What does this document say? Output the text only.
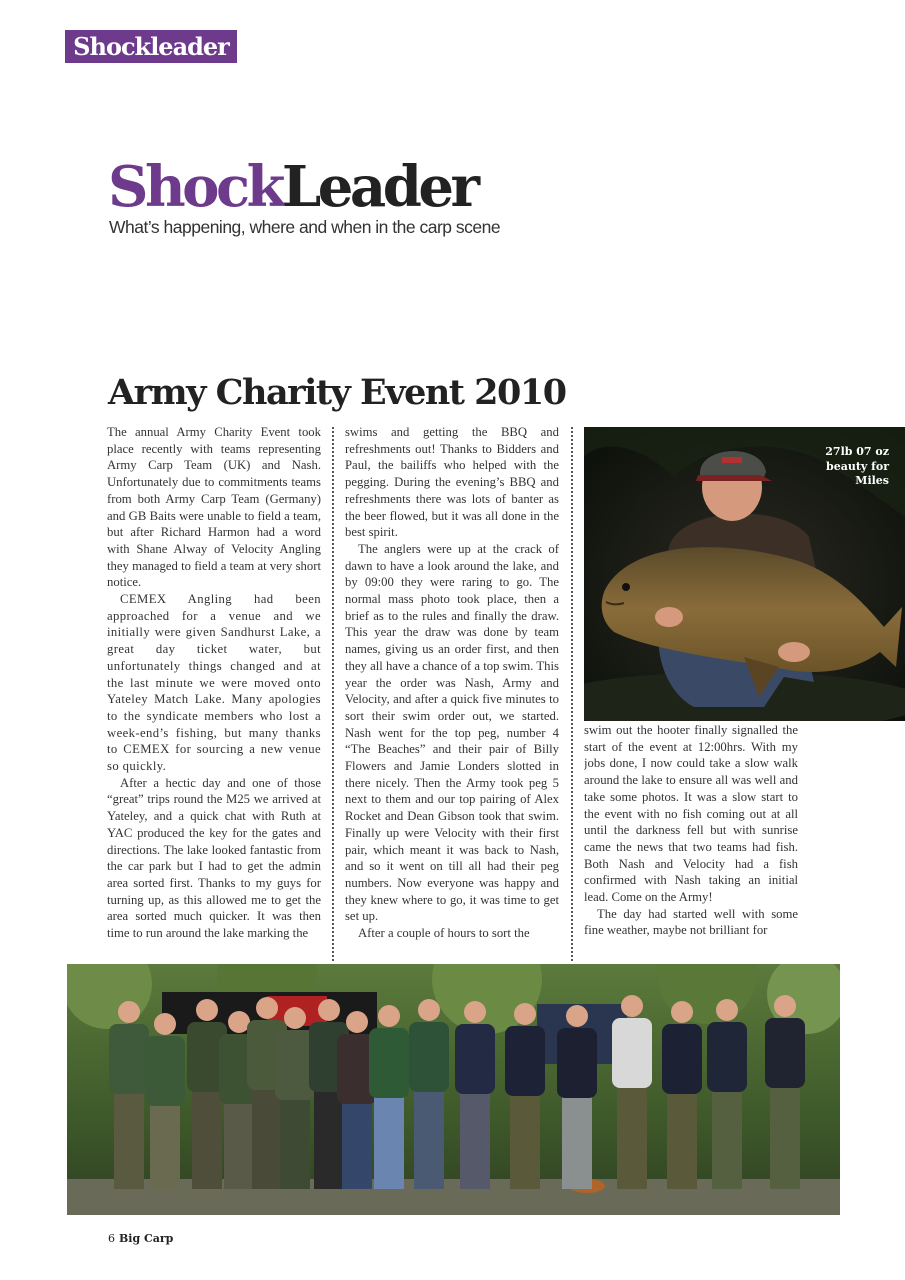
Shockleader
ShockLeader
What’s happening, where and when in the carp scene
Army Charity Event 2010

The annual Army Charity Event took place recently with teams representing Army Carp Team (UK) and Nash. Unfortunately due to commitments teams from both Army Carp Team (Germany) and GB Baits were unable to field a team, but after Richard Harmon had a word with Shane Alway of Velocity Angling they managed to field a team at very short notice.

CEMEX Angling had been approached for a venue and we initially were given Sandhurst Lake, a great day ticket water, but unfortunately things changed and at the last minute we were moved onto Yateley Match Lake. Many apologies to the syndicate members who lost a week-end’s fishing, but many thanks to CEMEX for sourcing a new venue so quickly.

After a hectic day and one of those “great” trips round the M25 we arrived at Yateley, and a quick chat with Ruth at YAC produced the key for the gates and directions. The lake looked fantastic from the car park but I had to get the admin area sorted first. Thanks to my guys for turning up, as this allowed me to get the area sorted much quicker. It was then time to run around the lake marking the

swims and getting the BBQ and refreshments out! Thanks to Bidders and Paul, the bailiffs who helped with the pegging. During the evening’s BBQ and refreshments there was lots of banter as the beer flowed, but it was all done in the best spirit.

The anglers were up at the crack of dawn to have a look around the lake, and by 09:00 they were raring to go. The normal mass photo took place, then a brief as to the rules and finally the draw. This year the draw was done by team names, giving us an order first, and then they all have a chance of a top swim. This year the order was Nash, Army and Velocity, and after a quick five minutes to sort their swim order out, we started. Nash went for the top peg, number 4 “The Beaches” and their pair of Billy Flowers and Jamie Londers slotted in there nicely. Then the Army took peg 5 next to them and our top pairing of Alex Rocket and Dean Gibson took that swim. Finally up were Velocity with their first pair, which meant it was back to Nash, and so it went on till all had their peg numbers. Now everyone was happy and they knew where to go, it was time to get set up.

After a couple of hours to sort the

27lb 07 oz
beauty for
Miles

swim out the hooter finally signalled the start of the event at 12:00hrs. With my jobs done, I now could take a slow walk around the lake to ensure all was well and take some photos. It was a slow start to the event with no fish coming out at all until the darkness fell but with sunrise came the news that two teams had fish. Both Nash and Velocity had a fish confirmed with Nash taking an initial lead. Come on the Army!

The day had started well with some fine weather, maybe not brilliant for

6 Big Carp
